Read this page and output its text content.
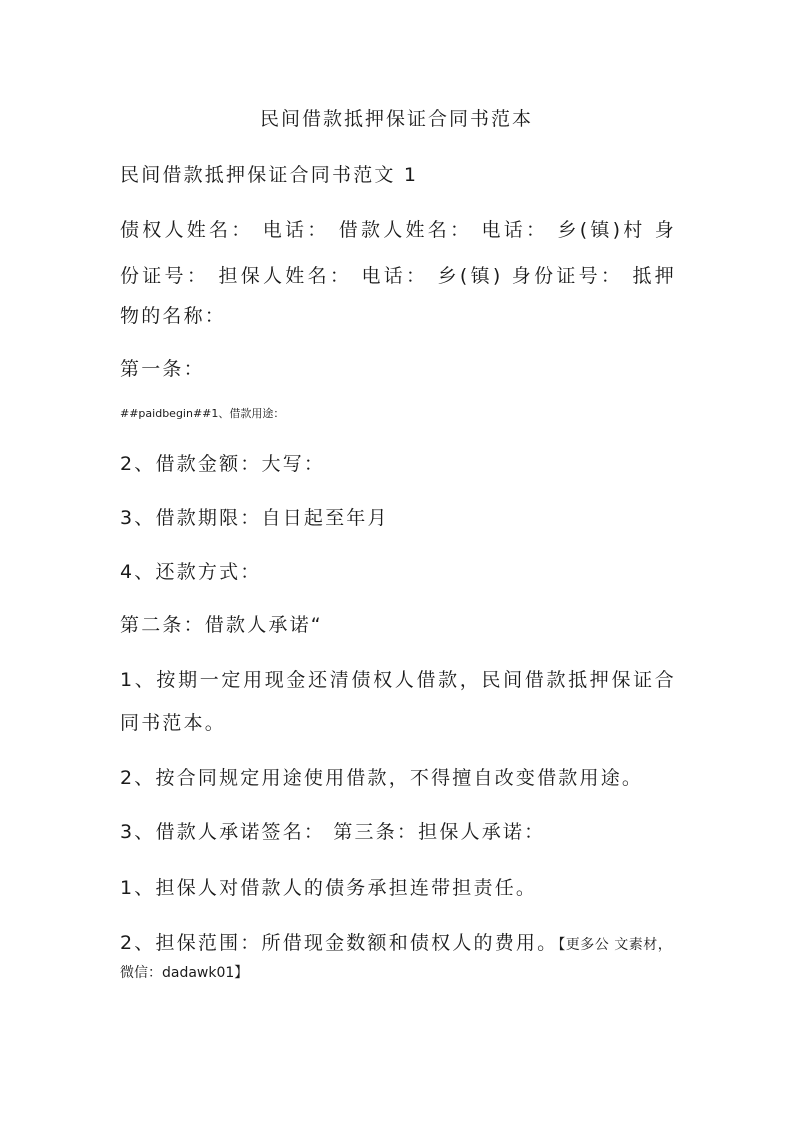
民间借款抵押保证合同书范本
民间借款抵押保证合同书范文 1
债权人姓名： 电话： 借款人姓名： 电话： 乡(镇)村 身
份证号： 担保人姓名： 电话： 乡(镇) 身份证号： 抵押
物的名称：
第一条：
##paidbegin##1、借款用途：
2、借款金额：大写：
3、借款期限：自日起至年月
4、还款方式：
第二条：借款人承诺“
1、按期一定用现金还清债权人借款，民间借款抵押保证合
同书范本。
2、按合同规定用途使用借款，不得擅自改变借款用途。
3、借款人承诺签名： 第三条：担保人承诺：
1、担保人对借款人的债务承担连带担责任。
2、担保范围：所借现金数额和债权人的费用。【更多公 文素材，
微信：dadawk01】
